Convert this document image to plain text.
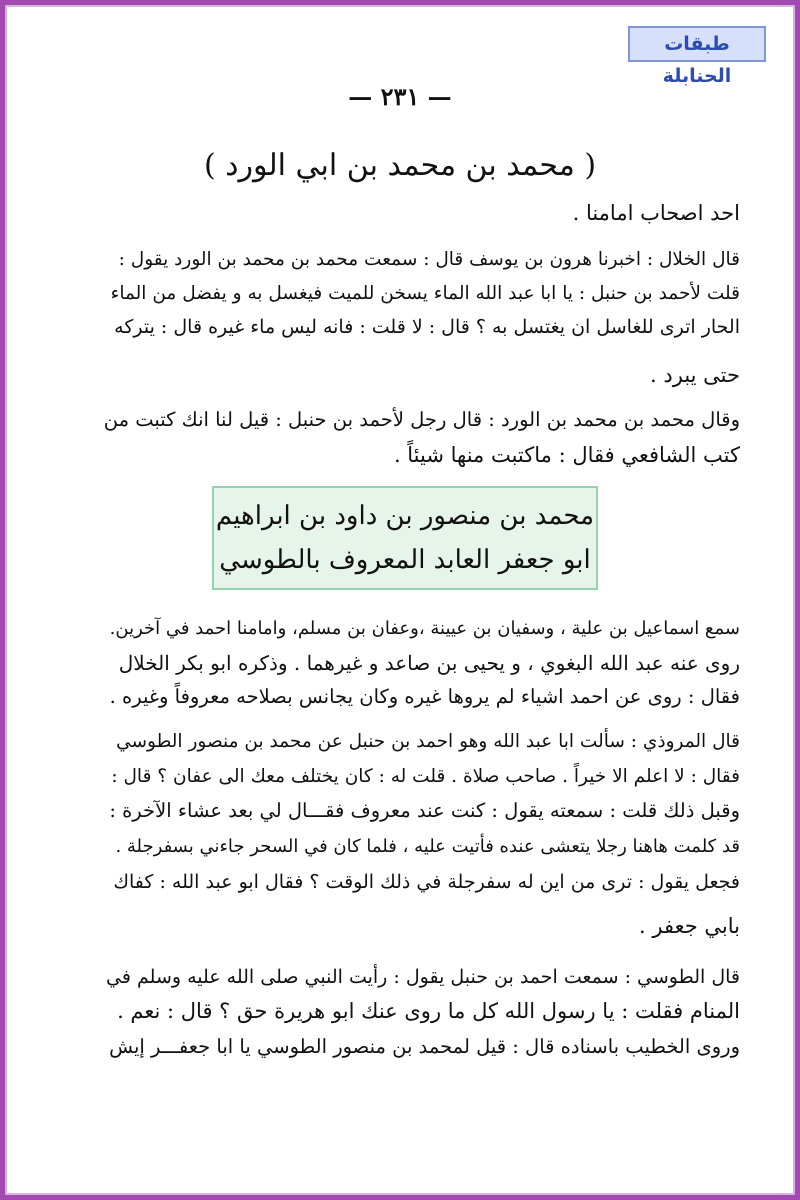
طبقات الحنابلة
— ٢٣١ —
( محمد بن محمد بن ابي الورد )
احد اصحاب امامنا .
قال الخلال : اخبرنا هرون بن يوسف قال : سمعت محمد بن محمد بن الورد يقول :
قلت لأحمد بن حنبل : يا ابا عبد الله الماء يسخن للميت فيغسل به و يفضل من الماء
الحار اترى للغاسل ان يغتسل به ؟ قال : لا قلت : فانه ليس ماء غيره قال : يتركه
حتى يبرد .
وقال محمد بن محمد بن الورد : قال رجل لأحمد بن حنبل : قيل لنا انك كتبت من
كتب الشافعي فقال : ماكتبت منها شيئاً .
محمد بن منصور بن داود بن ابراهيم
ابو جعفر العابد المعروف بالطوسي
سمع اسماعيل بن علية ، وسفيان بن عيينة ،وعفان بن مسلم، وامامنا احمد في آخرين.
روى عنه عبد الله البغوي ، و يحيى بن صاعد و غيرهما . وذكره ابو بكر الخلال
فقال : روى عن احمد اشياء لم يروها غيره وكان يجانس بصلاحه معروفاً وغيره .
قال المروذي : سألت ابا عبد الله وهو احمد بن حنبل عن محمد بن منصور الطوسي
فقال : لا اعلم الا خيراً . صاحب صلاة . قلت له : كان يختلف معك الى عفان ؟ قال :
وقبل ذلك قلت : سمعته يقول : كنت عند معروف فقـــال لي بعد عشاء الآخرة :
قد كلمت هاهنا رجلا يتعشى عنده فأتيت عليه ، فلما كان في السحر جاءني بسفرجلة .
فجعل يقول : ترى من اين له سفرجلة في ذلك الوقت ؟ فقال ابو عبد الله : كفاك
بابي جعفر .
قال الطوسي : سمعت احمد بن حنبل يقول : رأيت النبي صلى الله عليه وسلم في
المنام فقلت : يا رسول الله كل ما روى عنك ابو هريرة حق ؟ قال : نعم .
وروى الخطيب باسناده قال : قيل لمحمد بن منصور الطوسي يا ابا جعفـــر إيش
